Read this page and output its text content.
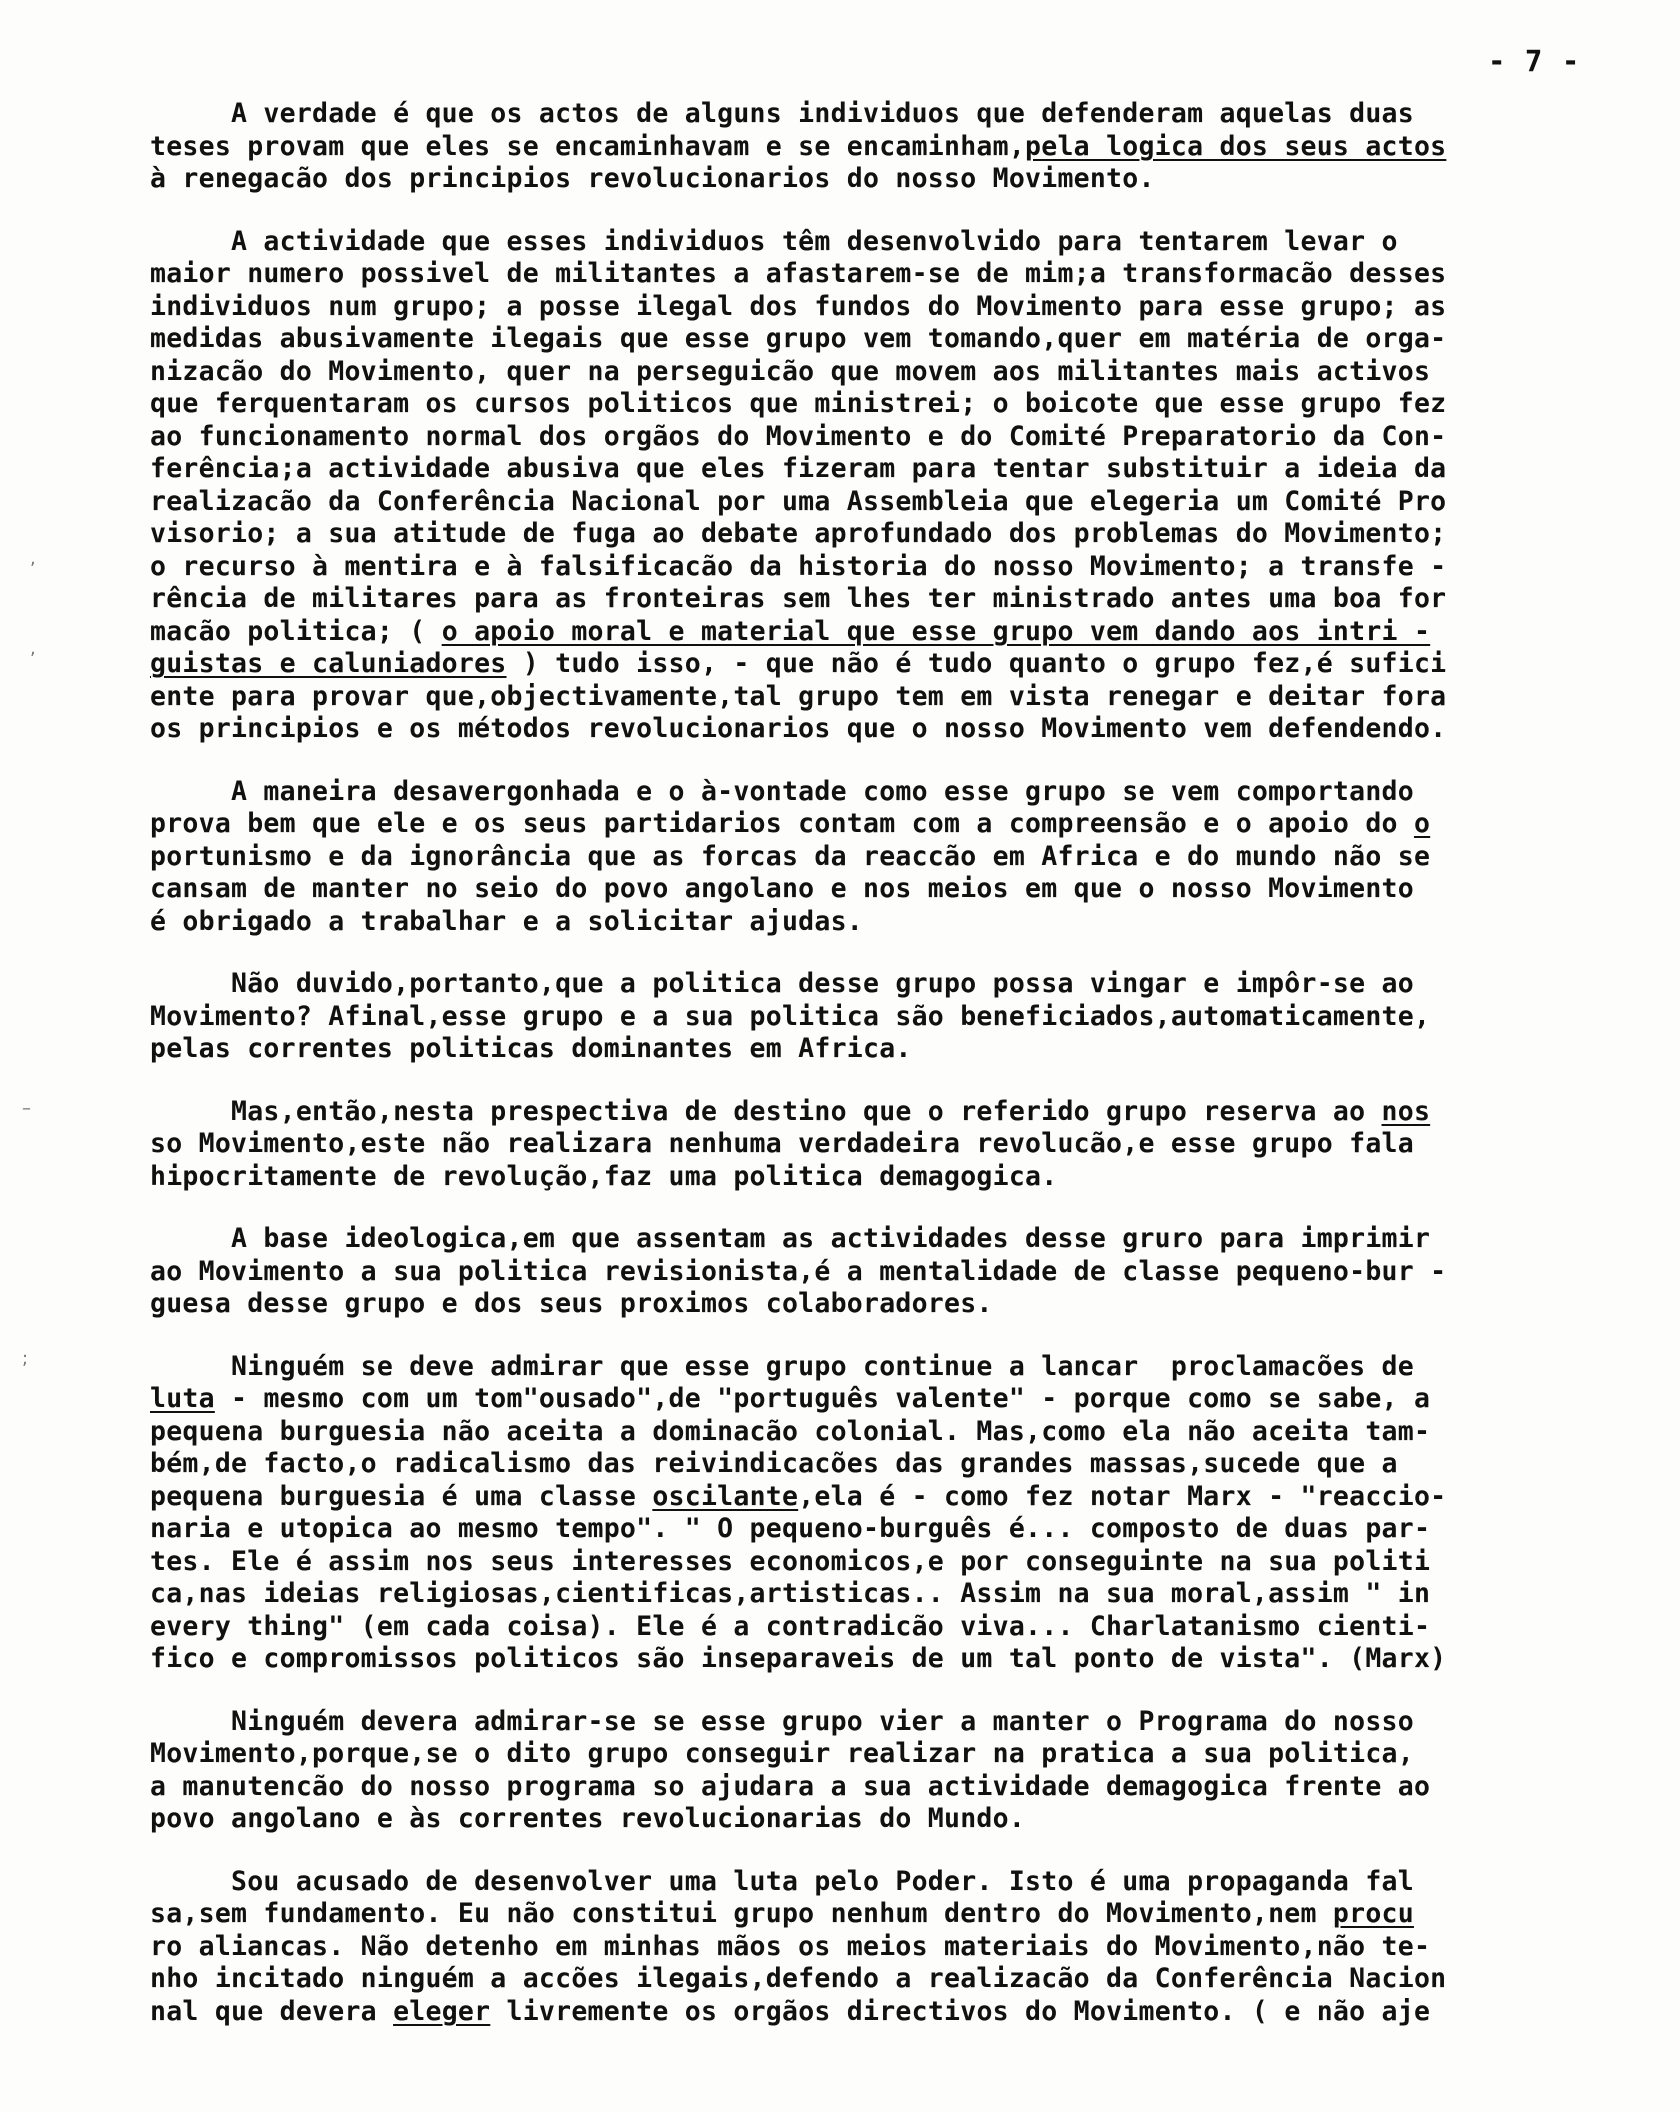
- 7 -
,
,
–
;
A verdade é que os actos de alguns individuos que defenderam aquelas duas
teses provam que eles se encaminhavam e se encaminham,pela logica dos seus actos
à renegacão dos principios revolucionarios do nosso Movimento.
A actividade que esses individuos têm desenvolvido para tentarem levar o
maior numero possivel de militantes a afastarem-se de mim;a transformacão desses
individuos num grupo; a posse ilegal dos fundos do Movimento para esse grupo; as
medidas abusivamente ilegais que esse grupo vem tomando,quer em matéria de orga-
nizacão do Movimento, quer na perseguicão que movem aos militantes mais activos
que ferquentaram os cursos politicos que ministrei; o boicote que esse grupo fez
ao funcionamento normal dos orgãos do Movimento e do Comité Preparatorio da Con-
ferência;a actividade abusiva que eles fizeram para tentar substituir a ideia da
realizacão da Conferência Nacional por uma Assembleia que elegeria um Comité Pro
visorio; a sua atitude de fuga ao debate aprofundado dos problemas do Movimento;
o recurso à mentira e à falsificacão da historia do nosso Movimento; a transfe -
rência de militares para as fronteiras sem lhes ter ministrado antes uma boa for
macão politica; ( o apoio moral e material que esse grupo vem dando aos intri -
guistas e caluniadores ) tudo isso, - que não é tudo quanto o grupo fez,é sufici
ente para provar que,objectivamente,tal grupo tem em vista renegar e deitar fora
os principios e os métodos revolucionarios que o nosso Movimento vem defendendo.
A maneira desavergonhada e o à-vontade como esse grupo se vem comportando
prova bem que ele e os seus partidarios contam com a compreensão e o apoio do o
portunismo e da ignorância que as forcas da reaccão em Africa e do mundo não se
cansam de manter no seio do povo angolano e nos meios em que o nosso Movimento
é obrigado a trabalhar e a solicitar ajudas.
Não duvido,portanto,que a politica desse grupo possa vingar e impôr-se ao
Movimento? Afinal,esse grupo e a sua politica são beneficiados,automaticamente,
pelas correntes politicas dominantes em Africa.
Mas,então,nesta prespectiva de destino que o referido grupo reserva ao nos
so Movimento,este não realizara nenhuma verdadeira revolucão,e esse grupo fala
hipocritamente de revolução,faz uma politica demagogica.
A base ideologica,em que assentam as actividades desse gruro para imprimir
ao Movimento a sua politica revisionista,é a mentalidade de classe pequeno-bur -
guesa desse grupo e dos seus proximos colaboradores.
Ninguém se deve admirar que esse grupo continue a lancar  proclamacões de
luta - mesmo com um tom"ousado",de "português valente" - porque como se sabe, a
pequena burguesia não aceita a dominacão colonial. Mas,como ela não aceita tam-
bém,de facto,o radicalismo das reivindicacões das grandes massas,sucede que a
pequena burguesia é uma classe oscilante,ela é - como fez notar Marx - "reaccio-
naria e utopica ao mesmo tempo". " O pequeno-burguês é... composto de duas par-
tes. Ele é assim nos seus interesses economicos,e por conseguinte na sua politi
ca,nas ideias religiosas,cientificas,artisticas.. Assim na sua moral,assim " in
every thing" (em cada coisa). Ele é a contradicão viva... Charlatanismo cienti-
fico e compromissos politicos são inseparaveis de um tal ponto de vista". (Marx)
Ninguém devera admirar-se se esse grupo vier a manter o Programa do nosso
Movimento,porque,se o dito grupo conseguir realizar na pratica a sua politica,
a manutencão do nosso programa so ajudara a sua actividade demagogica frente ao
povo angolano e às correntes revolucionarias do Mundo.
Sou acusado de desenvolver uma luta pelo Poder. Isto é uma propaganda fal
sa,sem fundamento. Eu não constitui grupo nenhum dentro do Movimento,nem procu
ro aliancas. Não detenho em minhas mãos os meios materiais do Movimento,não te-
nho incitado ninguém a accões ilegais,defendo a realizacão da Conferência Nacion
nal que devera eleger livremente os orgãos directivos do Movimento. ( e não aje
